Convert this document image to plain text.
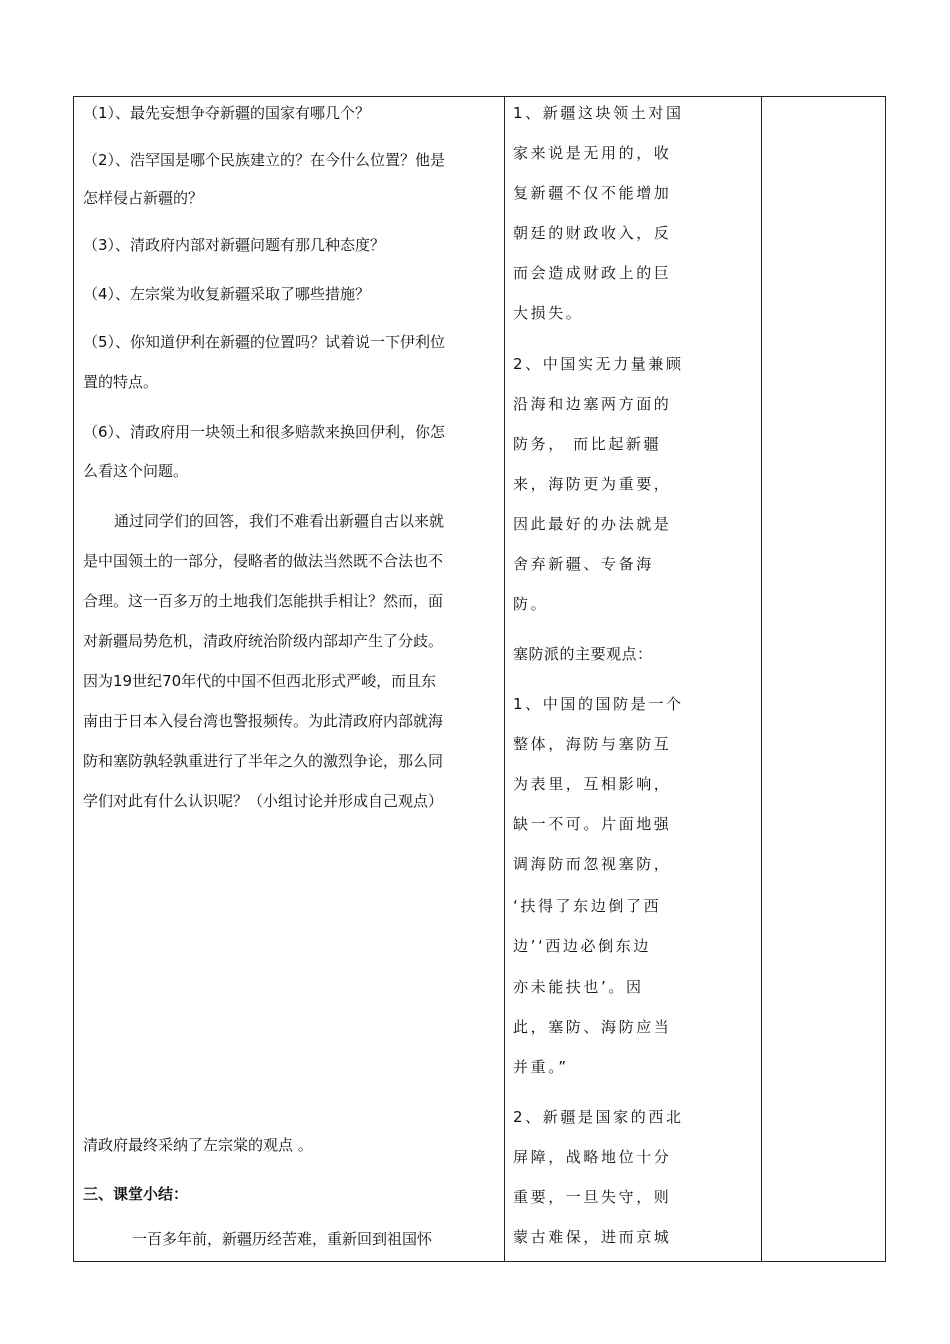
（1）、最先妄想争夺新疆的国家有哪几个？

（2）、浩罕国是哪个民族建立的？在今什么位置？他是

怎样侵占新疆的？

（3）、清政府内部对新疆问题有那几种态度？

（4）、左宗棠为收复新疆采取了哪些措施？

（5）、你知道伊利在新疆的位置吗？试着说一下伊利位

置的特点。

（6）、清政府用一块领土和很多赔款来换回伊利，你怎

么看这个问题。

通过同学们的回答，我们不难看出新疆自古以来就

是中国领土的一部分，侵略者的做法当然既不合法也不

合理。这一百多万的土地我们怎能拱手相让？然而，面

对新疆局势危机，清政府统治阶级内部却产生了分歧。

因为19世纪70年代的中国不但西北形式严峻，而且东

南由于日本入侵台湾也警报频传。为此清政府内部就海

防和塞防孰轻孰重进行了半年之久的激烈争论，那么同

学们对此有什么认识呢？（小组讨论并形成自己观点）

清政府最终采纳了左宗棠的观点 。

三、课堂小结：

一百多年前，新疆历经苦难，重新回到祖国怀

1、新疆这块领土对国

家来说是无用的，收

复新疆不仅不能增加

朝廷的财政收入，反

而会造成财政上的巨

大损失。

2、中国实无力量兼顾

沿海和边塞两方面的

防务， 而比起新疆

来，海防更为重要，

因此最好的办法就是

舍弃新疆、专备海

防。

塞防派的主要观点：

1、中国的国防是一个

整体，海防与塞防互

为表里，互相影响，

缺一不可。片面地强

调海防而忽视塞防，

‘扶得了东边倒了西

边’‘西边必倒东边

亦未能扶也’。因

此，塞防、海防应当

并重。”

2、新疆是国家的西北

屏障，战略地位十分

重要，一旦失守，则

蒙古难保，进而京城
